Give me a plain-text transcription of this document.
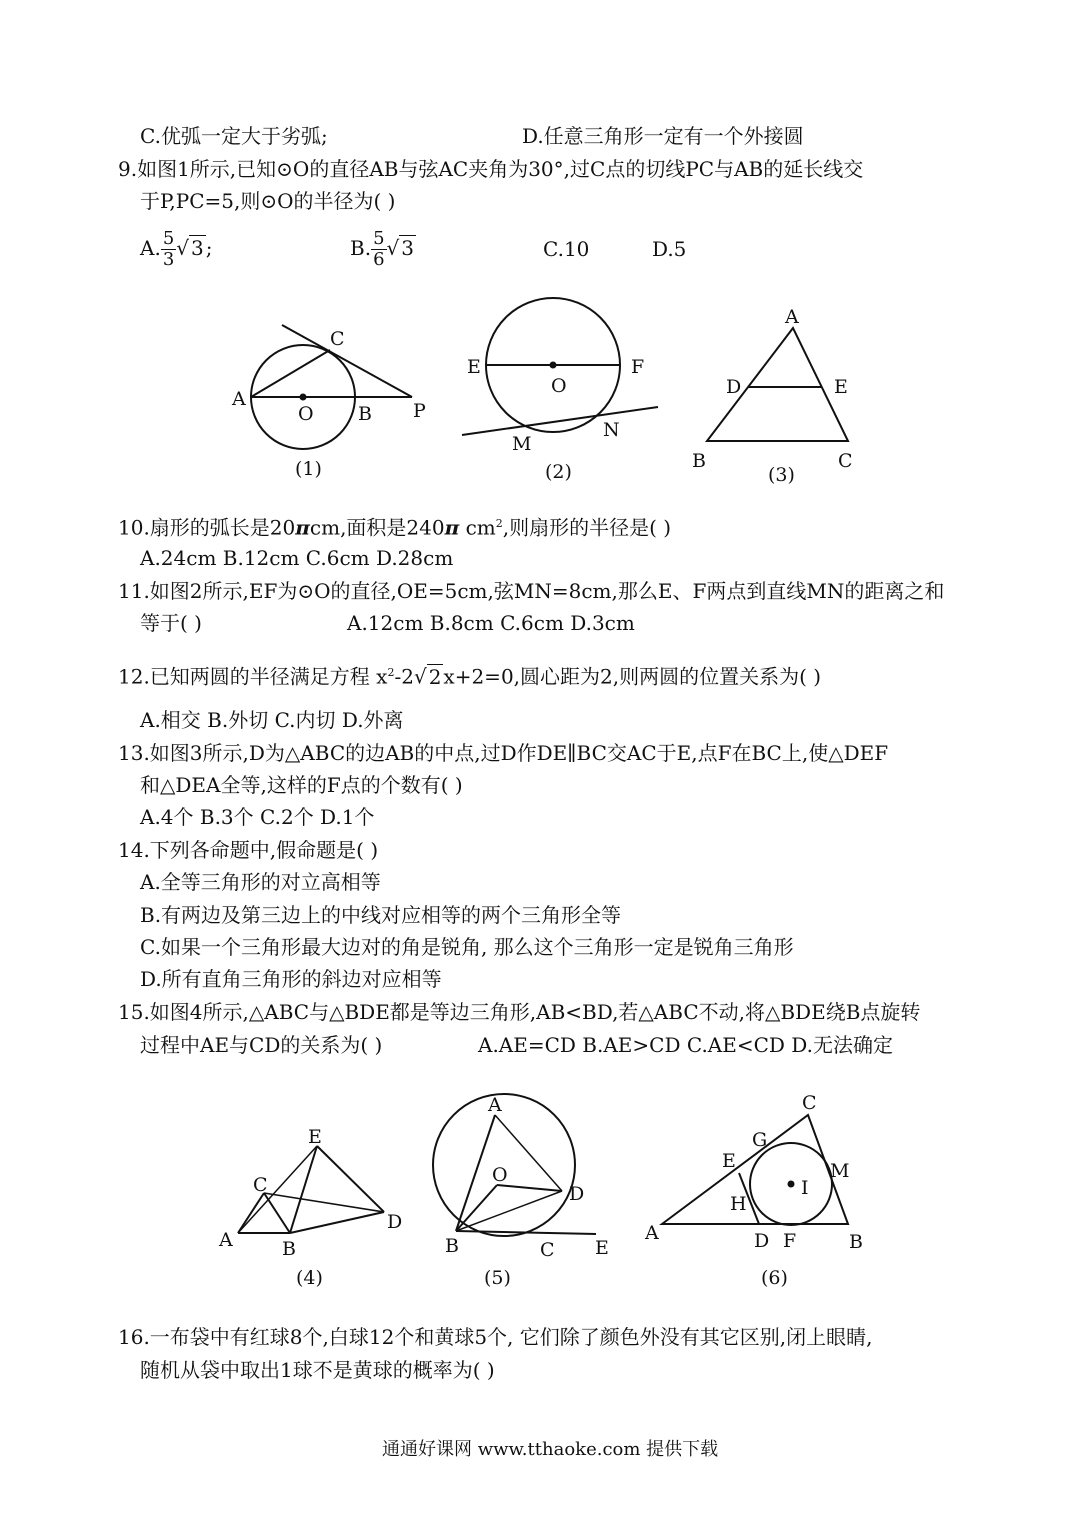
C.优弧一定大于劣弧;	D.任意三角形一定有一个外接圆
9.如图1所示,已知⊙O的直径AB与弦AC夹角为30°,过C点的切线PC与AB的延长线交
于P,PC=5,则⊙O的半径为( )
A. $\frac{5}{3}$ √ 3 ;	B. $\frac{5}{6}$ √ 3	C.10	D.5
A
O B P
C
(1)
E
O
F
M
N
(2)
A
D	E
B	C
(3)
10.扇形的弧长是20πcm,面积是240π $cm^2$,则扇形的半径是( )
A.24cm B.12cm C.6cm D.28cm
11.如图2所示,EF为⊙O的直径,OE=5cm,弦MN=8cm,那么E、F两点到直线MN的距离之和
等于( )	A.12cm B.8cm C.6cm D.3cm
12.已知两圆的半径满足方程 $x^2-2√$ 2 x+2=0,圆心距为2,则两圆的位置关系为( )
A.相交 B.外切 C.内切 D.外离
13.如图3所示,D为△ABC的边AB的中点,过D作DE∥BC交AC于E,点F在BC上,使△DEF
和△DEA全等,这样的F点的个数有( )
A.4个 B.3个 C.2个 D.1个
14.下列各命题中,假命题是( )
A.全等三角形的对立高相等
B.有两边及第三边上的中线对应相等的两个三角形全等
C.如果一个三角形最大边对的角是锐角, 那么这个三角形一定是锐角三角形
D.所有直角三角形的斜边对应相等
15.如图4所示,△ABC与△BDE都是等边三角形,AB<BD,若△ABC不动,将△BDE绕B点旋转
过程中AE与CD的关系为( )	A.AE=CD B.AE>CD C.AE<CD D.无法确定
E
C
A	B
D
(4)
A
O
D
B	C E
(5)
C
G
E	M
I
H
A	D F	B
(6)
16.一布袋中有红球8个,白球12个和黄球5个, 它们除了颜色外没有其它区别,闭上眼睛,
随机从袋中取出1球不是黄球的概率为( )
通通好课网 www.tthaoke.com 提供下载
